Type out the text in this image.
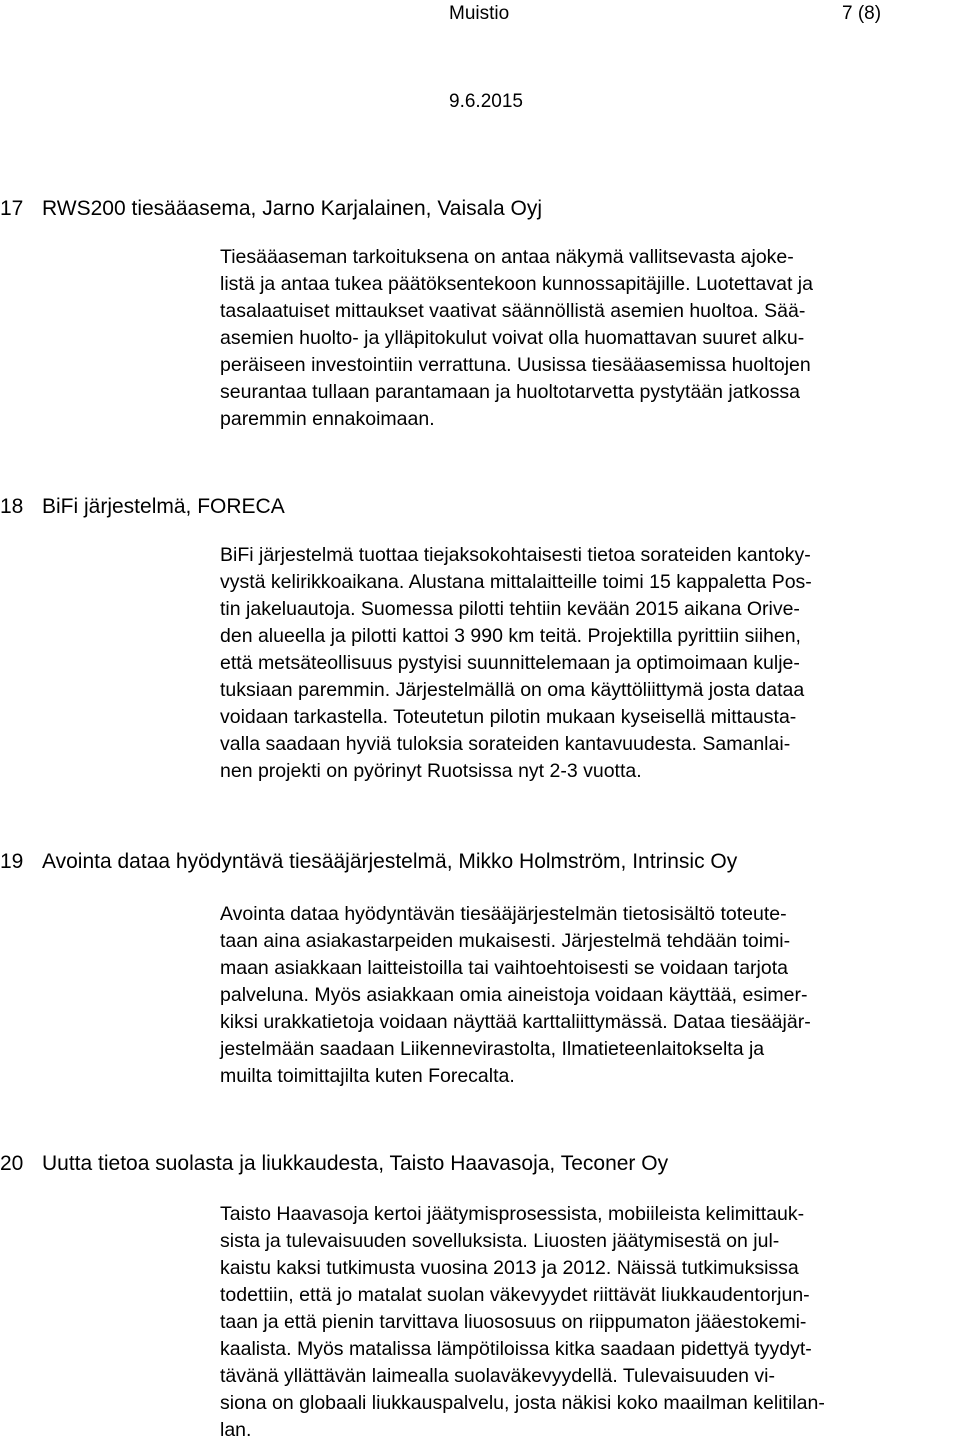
Muistio	7 (8)
9.6.2015
17 RWS200 tiesääasema, Jarno Karjalainen, Vaisala Oyj
Tiesääaseman tarkoituksena on antaa näkymä vallitsevasta ajoke-
listä ja antaa tukea päätöksentekoon kunnossapitäjille. Luotettavat ja
tasalaatuiset mittaukset vaativat säännöllistä asemien huoltoa. Sää-
asemien huolto- ja ylläpitokulut voivat olla huomattavan suuret alku-
peräiseen investointiin verrattuna. Uusissa tiesääasemissa huoltojen
seurantaa tullaan parantamaan ja huoltotarvetta pystytään jatkossa
paremmin ennakoimaan.
18 BiFi järjestelmä, FORECA
BiFi järjestelmä tuottaa tiejaksokohtaisesti tietoa sorateiden kantoky-
vystä kelirikkoaikana. Alustana mittalaitteille toimi 15 kappaletta Pos-
tin jakeluautoja. Suomessa pilotti tehtiin kevään 2015 aikana Orive-
den alueella ja pilotti kattoi 3 990 km teitä. Projektilla pyrittiin siihen,
että metsäteollisuus pystyisi suunnittelemaan ja optimoimaan kulje-
tuksiaan paremmin. Järjestelmällä on oma käyttöliittymä josta dataa
voidaan tarkastella. Toteutetun pilotin mukaan kyseisellä mittausta-
valla saadaan hyviä tuloksia sorateiden kantavuudesta. Samanlai-
nen projekti on pyörinyt Ruotsissa nyt 2-3 vuotta.
19 Avointa dataa hyödyntävä tiesääjärjestelmä, Mikko Holmström, Intrinsic Oy
Avointa dataa hyödyntävän tiesääjärjestelmän tietosisältö toteute-
taan aina asiakastarpeiden mukaisesti. Järjestelmä tehdään toimi-
maan asiakkaan laitteistoilla tai vaihtoehtoisesti se voidaan tarjota
palveluna. Myös asiakkaan omia aineistoja voidaan käyttää, esimer-
kiksi urakkatietoja voidaan näyttää karttaliittymässä. Dataa tiesääjär-
jestelmään saadaan Liikennevirastolta, Ilmatieteenlaitokselta ja
muilta toimittajilta kuten Forecalta.
20 Uutta tietoa suolasta ja liukkaudesta, Taisto Haavasoja, Teconer Oy
Taisto Haavasoja kertoi jäätymisprosessista, mobiileista kelimittauk-
sista ja tulevaisuuden sovelluksista. Liuosten jäätymisestä on jul-
kaistu kaksi tutkimusta vuosina 2013 ja 2012. Näissä tutkimuksissa
todettiin, että jo matalat suolan väkevyydet riittävät liukkaudentorjun-
taan ja että pienin tarvittava liuososuus on riippumaton jääestokemi-
kaalista. Myös matalissa lämpötiloissa kitka saadaan pidettyä tyydyt-
tävänä yllättävän laimealla suolaväkevyydellä. Tulevaisuuden vi-
siona on globaali liukkauspalvelu, josta näkisi koko maailman kelitilan-
lan.
